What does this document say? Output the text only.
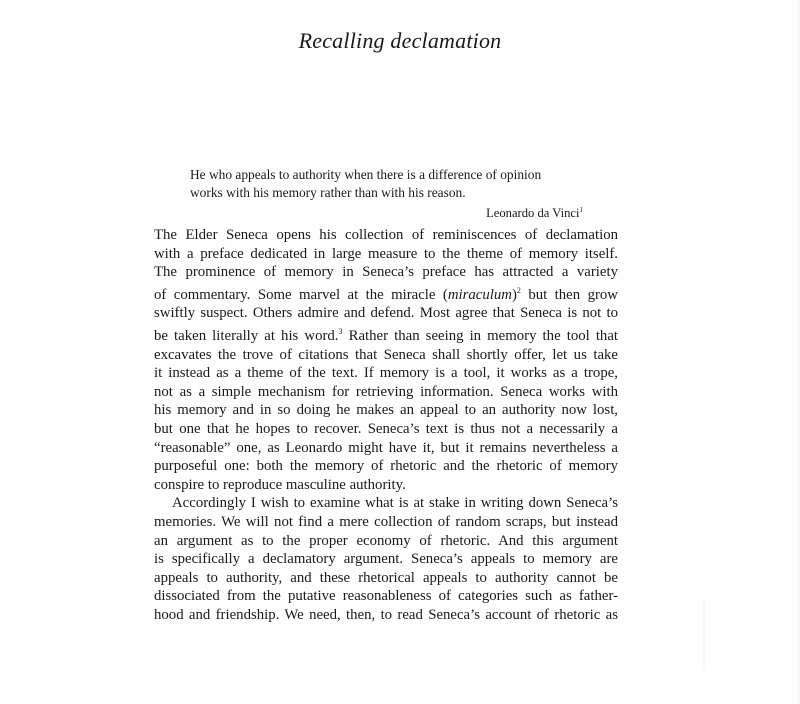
Recalling declamation
He who appeals to authority when there is a difference of opinion
works with his memory rather than with his reason.
Leonardo da Vinci$^1$
The Elder Seneca opens his collection of reminiscences of declamation
with a preface dedicated in large measure to the theme of memory itself.
The prominence of memory in Seneca’s preface has attracted a variety
of commentary. Some marvel at the miracle (miraculum)$^2$ but then grow
swiftly suspect. Others admire and defend. Most agree that Seneca is not to
be taken literally at his word.$^3$ Rather than seeing in memory the tool that
excavates the trove of citations that Seneca shall shortly offer, let us take
it instead as a theme of the text. If memory is a tool, it works as a trope,
not as a simple mechanism for retrieving information. Seneca works with
his memory and in so doing he makes an appeal to an authority now lost,
but one that he hopes to recover. Seneca’s text is thus not a necessarily a
“reasonable” one, as Leonardo might have it, but it remains nevertheless a
purposeful one: both the memory of rhetoric and the rhetoric of memory
conspire to reproduce masculine authority.
Accordingly I wish to examine what is at stake in writing down Seneca’s
memories. We will not find a mere collection of random scraps, but instead
an argument as to the proper economy of rhetoric. And this argument
is specifically a declamatory argument. Seneca’s appeals to memory are
appeals to authority, and these rhetorical appeals to authority cannot be
dissociated from the putative reasonableness of categories such as father-
hood and friendship. We need, then, to read Seneca’s account of rhetoric as
